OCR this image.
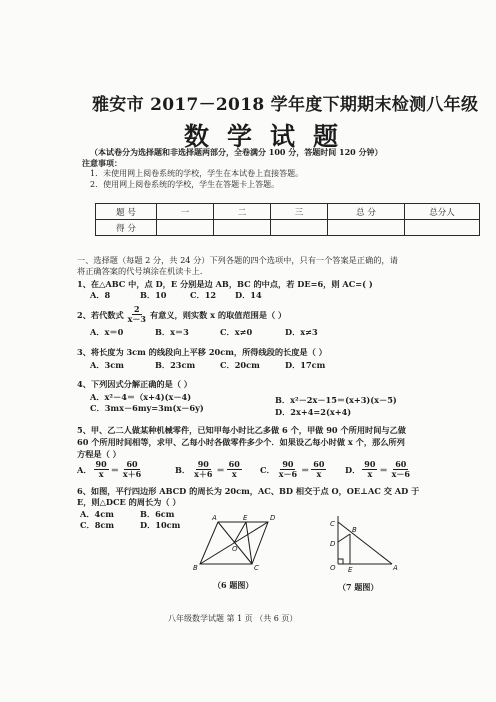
雅安市 2017－2018 学年度下期期末检测八年级
数学试题
（本试卷分为选择题和非选择题两部分，全卷满分 100 分，答题时间 120 分钟）
注意事项：
1．未使用网上阅卷系统的学校，学生在本试卷上直接答题。
2．使用网上阅卷系统的学校，学生在答题卡上答题。
题 号	一	二	三	总 分	总分人
得 分					
一、选择题（每题 2 分，共 24 分）下列各题的四个选项中，只有一个答案是正确的，请
将正确答案的代号填涂在机读卡上．
1、在△ABC 中，点 D，E 分别是边 AB，BC 的中点，若 DE=6，则 AC=( )
A．8	B．10	C．12 D．14
2、若代数式 $\frac{2}{x-3}$ 有意义，则实数 x 的取值范围是（ ）
A．x＝0	B．x＝3	C．x≠0	D．x≠3
3、将长度为 3cm 的线段向上平移 20cm，所得线段的长度是（ ）
A．3cm	B．23cm	C．20cm	D．17cm
4、下列因式分解正确的是（ ）
A．x²－4＝（x+4)(x－4)	B．x²－2x－15＝(x+3)(x－5)
C．3mx－6my=3m(x－6y)	D．2x+4=2(x+4)
5、甲、乙二人做某种机械零件，已知甲每小时比乙多做 6 个，甲做 90 个所用时间与乙做
60 个所用时间相等，求甲、乙每小时各做零件多少个．如果设乙每小时做 x 个，那么所列
方程是（ ）
A． $\frac{90}{x} = \frac{60}{x+6}$	B． $\frac{90}{x+6} = \frac{60}{x}$ C． $\frac{90}{x-6} = \frac{60}{x}$ D． $\frac{90}{x} = \frac{60}{x-6}$
6、如图，平行四边形 ABCD 的周长为 20cm，AC、BD 相交于点 O，OE⊥AC 交 AD 于
E，则△DCE 的周长为（ ）
A．4cm	B．6cm
C．8cm	D．10cm
A	E	D
O
B	C
C
B
D
O E	A
（6 题图）	（7 题图）
八年级数学试题 第 1 页 （共 6 页）
